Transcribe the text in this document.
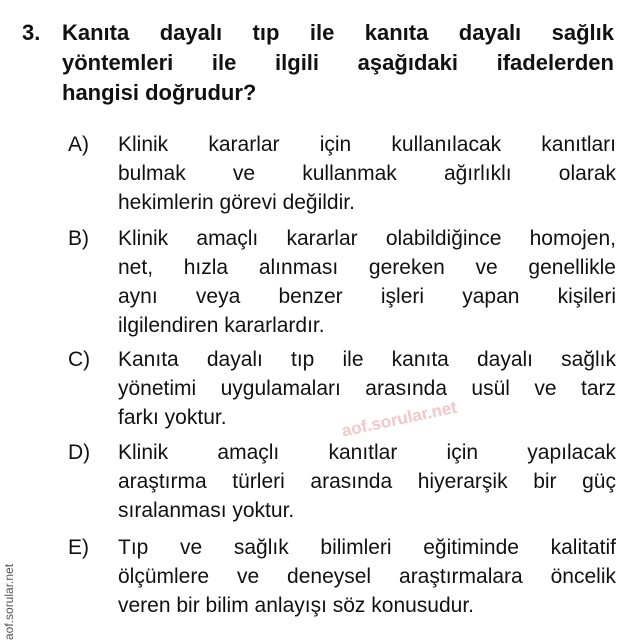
3. Kanıta dayalı tıp ile kanıta dayalı sağlık
yöntemleri ile ilgili aşağıdaki ifadelerden
hangisi doğrudur?
A)	Klinik kararlar için kullanılacak kanıtları
bulmak ve kullanmak ağırlıklı olarak
hekimlerin görevi değildir.
B)	Klinik amaçlı kararlar olabildiğince homojen,
net, hızla alınması gereken ve genellikle
aynı veya benzer işleri yapan kişileri
ilgilendiren kararlardır.
C)	Kanıta dayalı tıp ile kanıta dayalı sağlık
yönetimi uygulamaları arasında usül ve tarz
farkı yoktur.
D)	Klinik amaçlı kanıtlar için yapılacak
araştırma türleri arasında hiyerarşik bir güç
sıralanması yoktur.
E)	Tıp ve sağlık bilimleri eğitiminde kalitatif
ölçümlere ve deneysel araştırmalara öncelik
veren bir bilim anlayışı söz konusudur.
aof.sorular.net
aof.sorular.net
